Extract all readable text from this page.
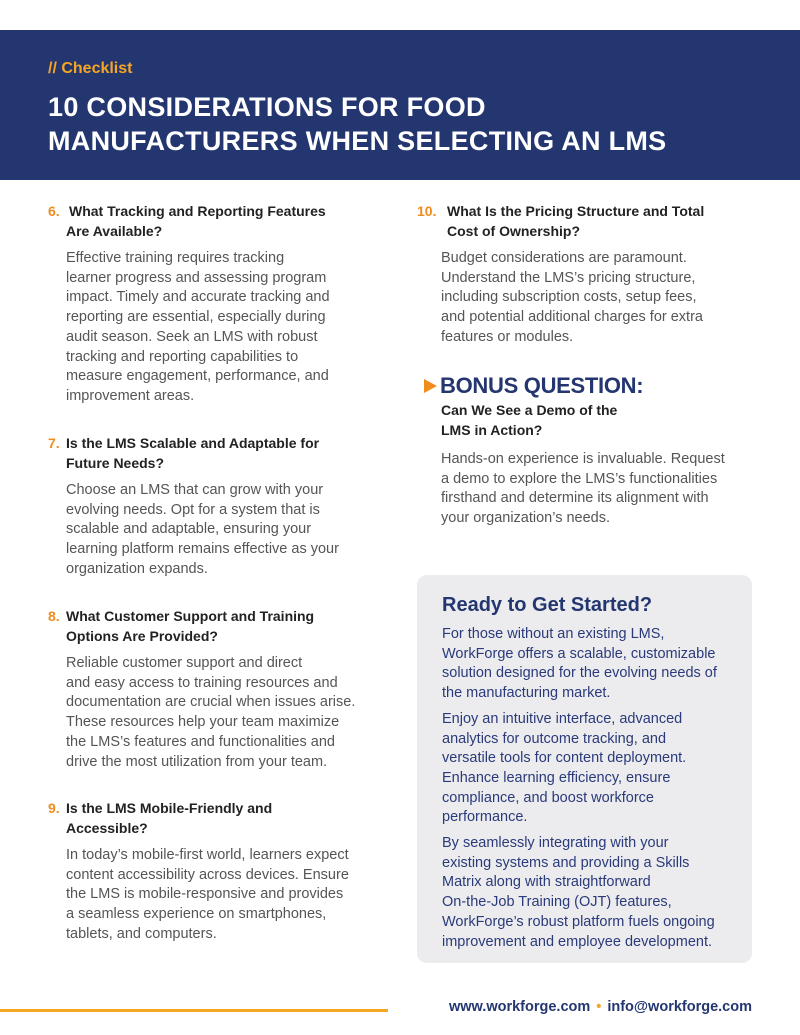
// Checklist
10 CONSIDERATIONS FOR FOOD
MANUFACTURERS WHEN SELECTING AN LMS
6. What Tracking and Reporting Features
Are Available?
Effective training requires tracking
learner progress and assessing program
impact. Timely and accurate tracking and
reporting are essential, especially during
audit season. Seek an LMS with robust
tracking and reporting capabilities to
measure engagement, performance, and
improvement areas.
7. Is the LMS Scalable and Adaptable for
Future Needs?
Choose an LMS that can grow with your
evolving needs. Opt for a system that is
scalable and adaptable, ensuring your
learning platform remains effective as your
organization expands.
8. What Customer Support and Training
Options Are Provided?
Reliable customer support and direct
and easy access to training resources and
documentation are crucial when issues arise.
These resources help your team maximize
the LMS’s features and functionalities and
drive the most utilization from your team.
9. Is the LMS Mobile-Friendly and
Accessible?
In today’s mobile-first world, learners expect
content accessibility across devices. Ensure
the LMS is mobile-responsive and provides
a seamless experience on smartphones,
tablets, and computers.
10. What Is the Pricing Structure and Total
Cost of Ownership?
Budget considerations are paramount.
Understand the LMS’s pricing structure,
including subscription costs, setup fees,
and potential additional charges for extra
features or modules.
BONUS QUESTION:
Can We See a Demo of the
LMS in Action?
Hands-on experience is invaluable. Request
a demo to explore the LMS’s functionalities
firsthand and determine its alignment with
your organization’s needs.
Ready to Get Started?
For those without an existing LMS,
WorkForge offers a scalable, customizable
solution designed for the evolving needs of
the manufacturing market.
Enjoy an intuitive interface, advanced
analytics for outcome tracking, and
versatile tools for content deployment.
Enhance learning efficiency, ensure
compliance, and boost workforce
performance.
By seamlessly integrating with your
existing systems and providing a Skills
Matrix along with straightforward
On-the-Job Training (OJT) features,
WorkForge’s robust platform fuels ongoing
improvement and employee development.
www.workforge.com • info@workforge.com
